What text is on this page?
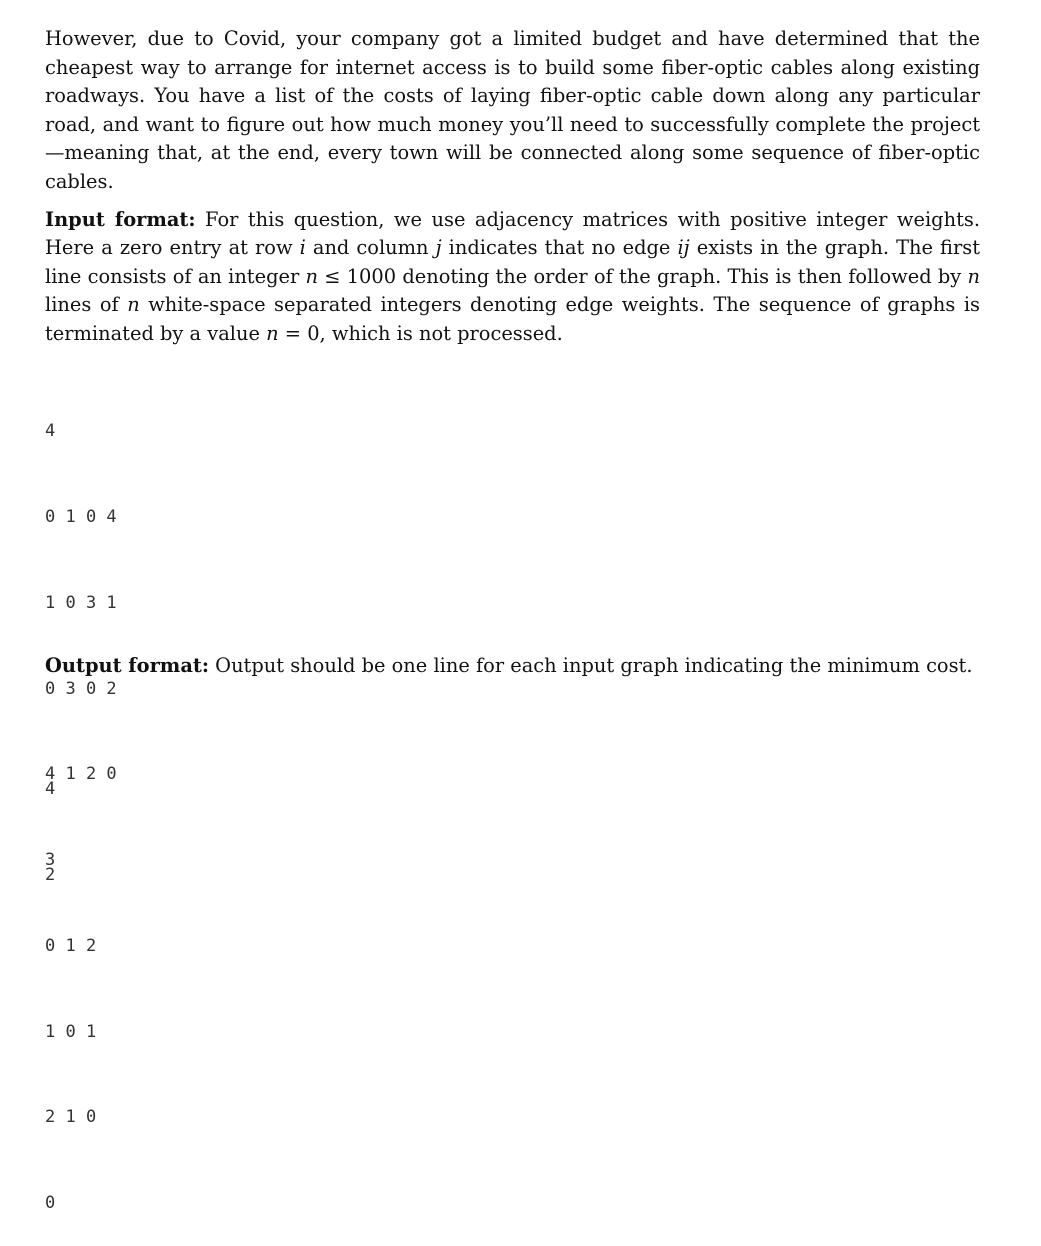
However, due to Covid, your company got a limited budget and have determined that the cheapest way to arrange for internet access is to build some fiber-optic cables along existing roadways. You have a list of the costs of laying fiber-optic cable down along any particular road, and want to figure out how much money you’ll need to successfully complete the project—meaning that, at the end, every town will be connected along some sequence of fiber-optic cables.

Input format: For this question, we use adjacency matrices with positive integer weights. Here a zero entry at row i and column j indicates that no edge ij exists in the graph. The first line consists of an integer n ≤ 1000 denoting the order of the graph. This is then followed by n lines of n white-space separated integers denoting edge weights. The sequence of graphs is terminated by a value n = 0, which is not processed.

4

0 1 0 4

1 0 3 1

0 3 0 2

4 1 2 0

3

0 1 2

1 0 1

2 1 0

0

Output format: Output should be one line for each input graph indicating the minimum cost.

4

2
